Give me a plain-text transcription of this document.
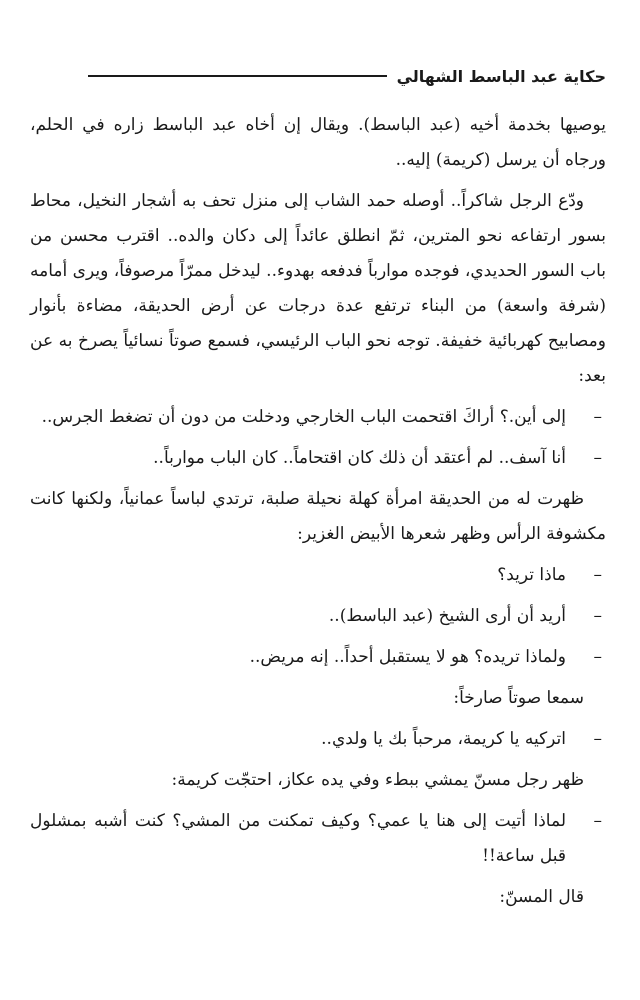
حكاية عبد الباسط الشهالي

يوصيها بخدمة أخيه (عبد الباسط). ويقال إن أخاه عبد الباسط زاره في الحلم، ورجاه أن يرسل (كريمة) إليه..

ودّع الرجل شاكراً.. أوصله حمد الشاب إلى منزل تحف به أشجار النخيل، محاط بسور ارتفاعه نحو المترين، ثمّ انطلق عائداً إلى دكان والده.. اقترب محسن من باب السور الحديدي، فوجده موارباً فدفعه بهدوء.. ليدخل ممرّاً مرصوفاً، ويرى أمامه (شرفة واسعة) من البناء ترتفع عدة درجات عن أرض الحديقة، مضاءة بأنوار ومصابيح كهربائية خفيفة. توجه نحو الباب الرئيسي، فسمع صوتاً نسائياً يصرخ به عن بعد:

–
إلى أين.؟ أراكَ اقتحمت الباب الخارجي ودخلت من دون أن تضغط الجرس..
–
أنا آسف.. لم أعتقد أن ذلك كان اقتحاماً.. كان الباب موارباً..

ظهرت له من الحديقة امرأة كهلة نحيلة صلبة، ترتدي لباساً عمانياً، ولكنها كانت مكشوفة الرأس وظهر شعرها الأبيض الغزير:

–
ماذا تريد؟
–
أريد أن أرى الشيخ (عبد الباسط)..
–
ولماذا تريده؟ هو لا يستقبل أحداً.. إنه مريض..

سمعا صوتاً صارخاً:

–
اتركيه يا كريمة، مرحباً بك يا ولدي..

ظهر رجل مسنّ يمشي ببطء وفي يده عكاز، احتجّت كريمة:

–
لماذا أتيت إلى هنا يا عمي؟ وكيف تمكنت من المشي؟ كنت أشبه بمشلول قبل ساعة!!

قال المسنّ:
